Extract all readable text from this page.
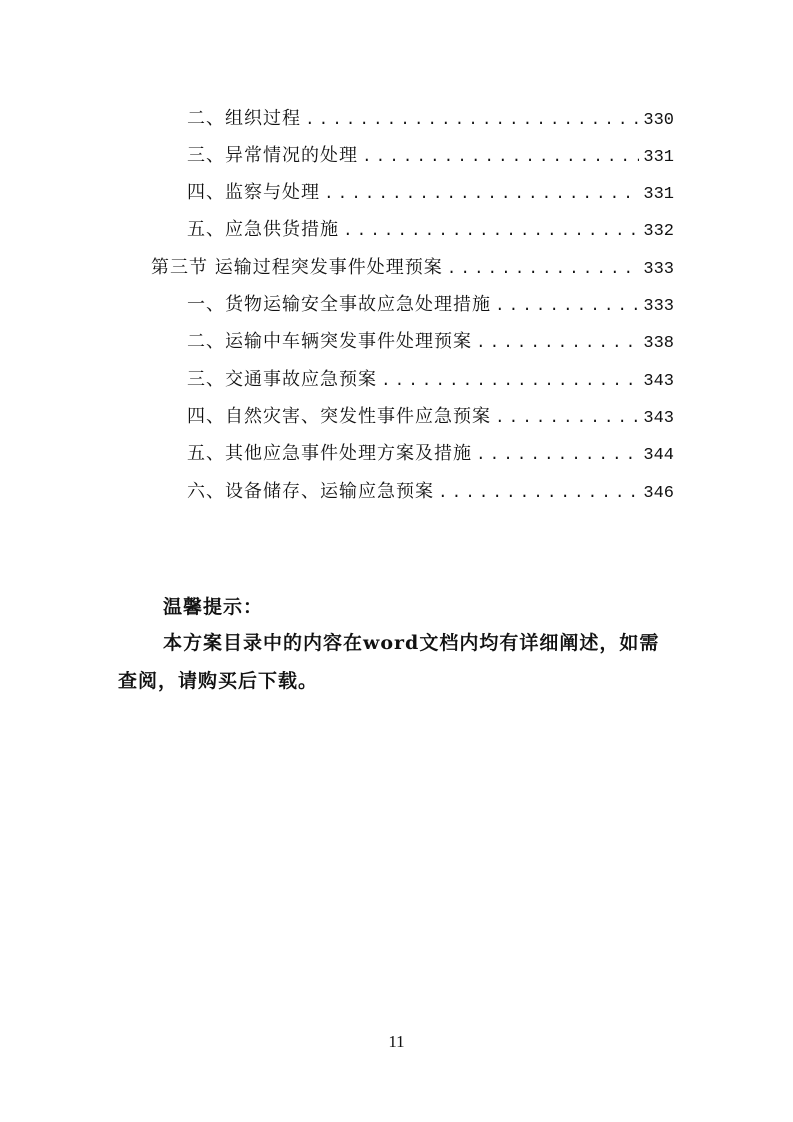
二、组织过程 .....	330
三、异常情况的处理 .....	331
四、监察与处理 .....	331
五、应急供货措施 .....	332
第三节 运输过程突发事件处理预案 .....	333
一、货物运输安全事故应急处理措施 .....	333
二、运输中车辆突发事件处理预案 .....	338
三、交通事故应急预案 .....	343
四、自然灾害、突发性事件应急预案 .....	343
五、其他应急事件处理方案及措施 .....	344
六、设备储存、运输应急预案 .....	346
温馨提示：

本方案目录中的内容在word文档内均有详细阐述，如需查阅，请购买后下载。

11
